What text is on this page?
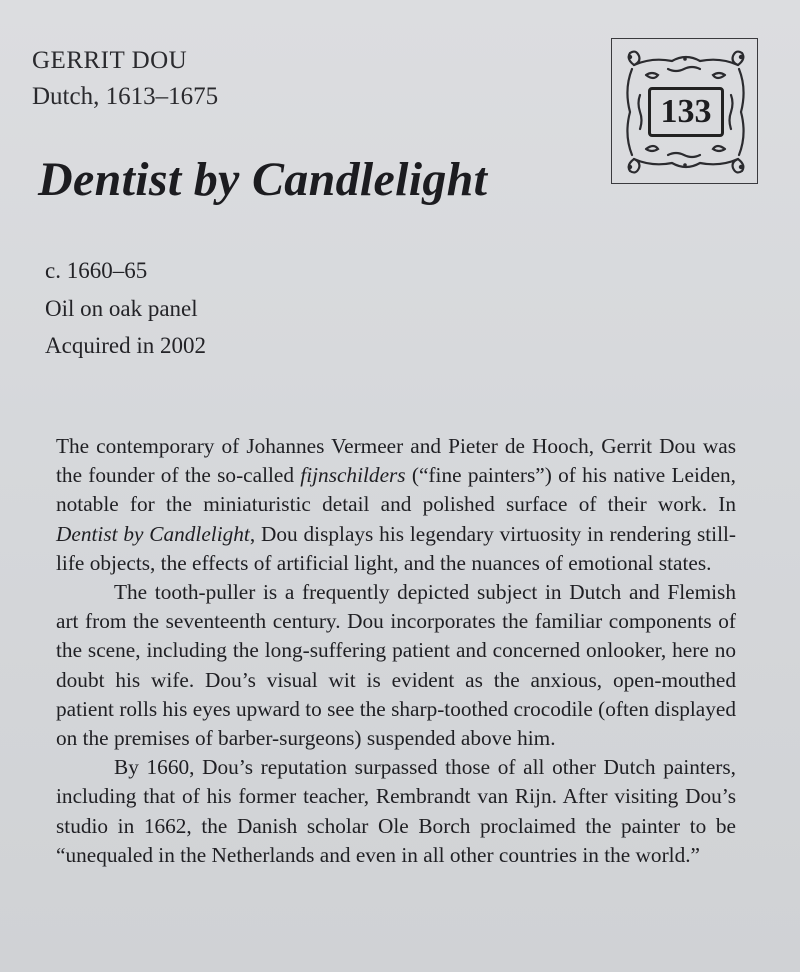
GERRIT DOU

Dutch, 1613–1675

Dentist by Candlelight

c. 1660–65

Oil on oak panel

Acquired in 2002

133

The contemporary of Johannes Vermeer and Pieter de Hooch, Gerrit Dou was the founder of the so-called fijnschilders (“fine painters”) of his native Leiden, notable for the miniaturistic detail and polished surface of their work. In Dentist by Candlelight, Dou displays his legendary virtuosity in rendering still-life objects, the effects of artificial light, and the nuances of emotional states.

The tooth-puller is a frequently depicted subject in Dutch and Flemish art from the seventeenth century. Dou incorporates the familiar components of the scene, including the long-suffering patient and concerned onlooker, here no doubt his wife. Dou’s visual wit is evident as the anxious, open-mouthed patient rolls his eyes upward to see the sharp-toothed crocodile (often displayed on the premises of barber-surgeons) suspended above him.

By 1660, Dou’s reputation surpassed those of all other Dutch painters, including that of his former teacher, Rembrandt van Rijn. After visiting Dou’s studio in 1662, the Danish scholar Ole Borch proclaimed the painter to be “unequaled in the Netherlands and even in all other countries in the world.”
